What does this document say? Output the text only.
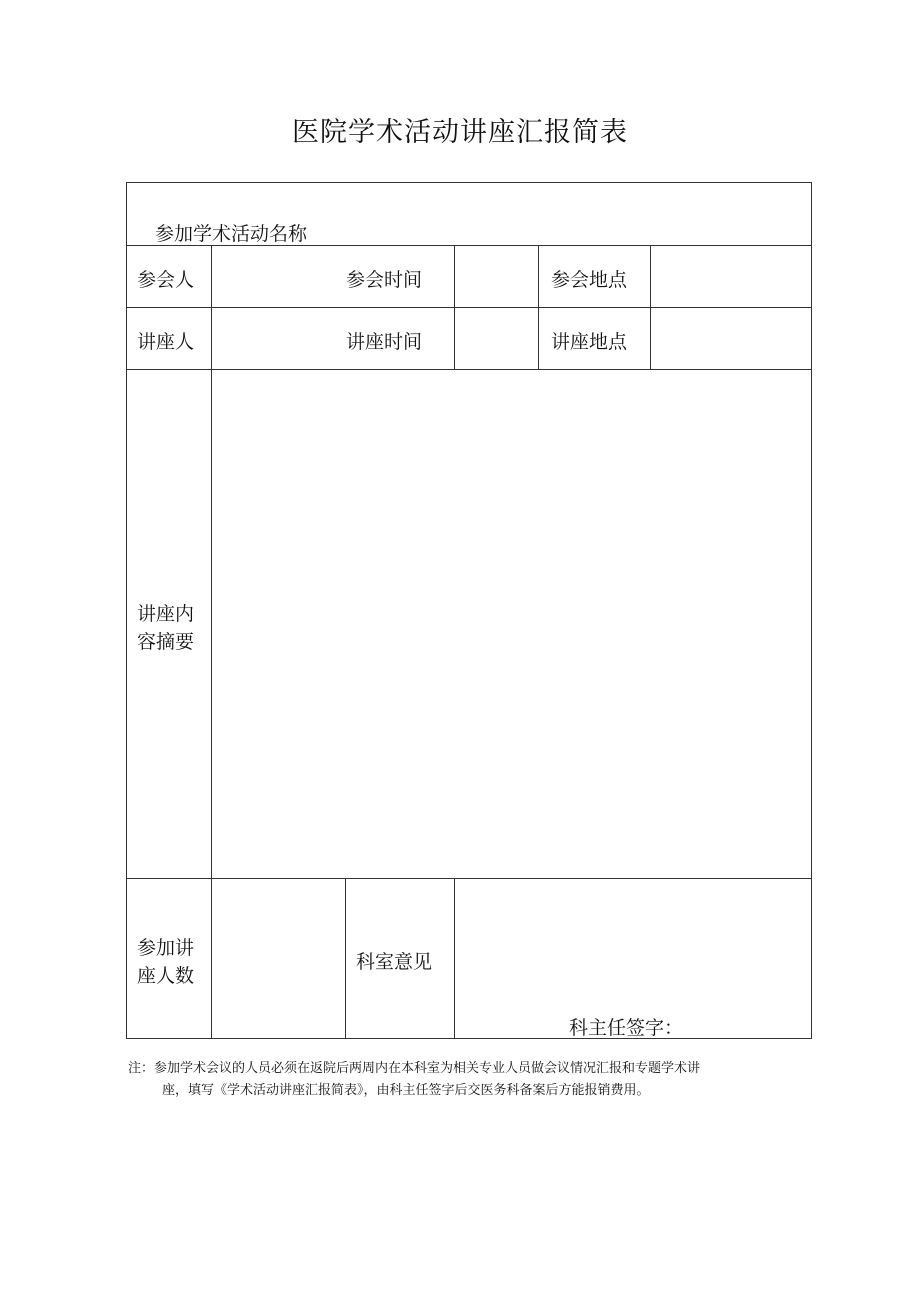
医院学术活动讲座汇报简表
参加学术活动名称
参会人	参会时间	参会地点
讲座人	讲座时间	讲座地点
讲座内
容摘要
参加讲
座人数
科室意见
科主任签字：
注：参加学术会议的人员必须在返院后两周内在本科室为相关专业人员做会议情况汇报和专题学术讲
座，填写《学术活动讲座汇报简表》，由科主任签字后交医务科备案后方能报销费用。
